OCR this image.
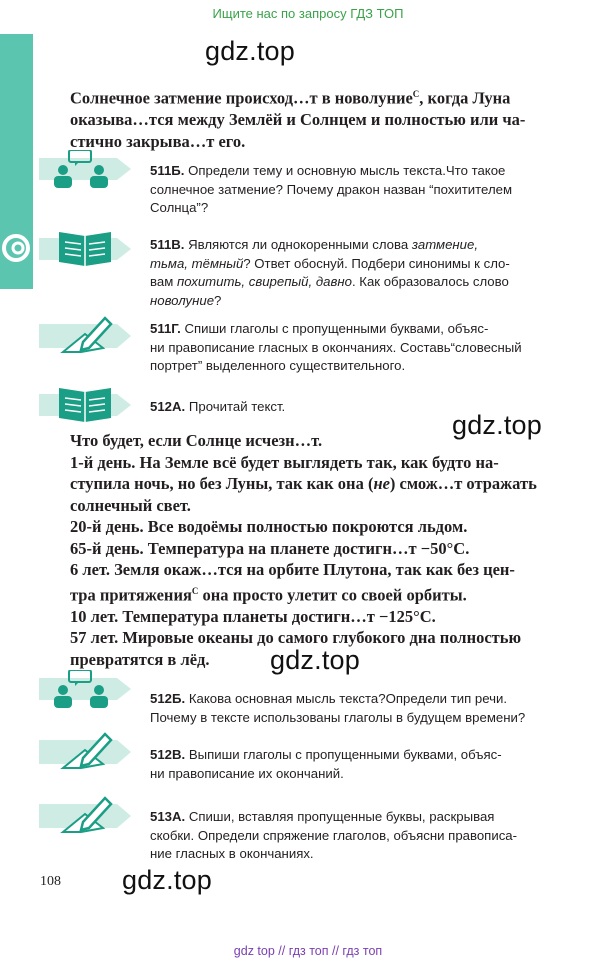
Ищите нас по запросу ГДЗ ТОП
gdz.top
Солнечное затмение происход…т в новолуние$^С$, когда Луна
оказыва…тся между Землёй и Солнцем и полностью или ча-
стично закрыва…т его.
511Б. Определи тему и основную мысль текста.Что такое
солнечное затмение? Почему дракон назван “похитителем
Солнца”?
511В. Являются ли однокоренными слова затмение,
тьма, тёмный? Ответ обоснуй. Подбери синонимы к сло-
вам похитить, свирепый, давно. Как образовалось слово
новолуние?
511Г. Спиши глаголы с пропущенными буквами, объяс-
ни правописание гласных в окончаниях. Составь“словесный
портрет” выделенного существительного.
512А. Прочитай текст.
gdz.top
Что будет, если Солнце исчезн…т.
1-й день. На Земле всё будет выглядеть так, как будто на-
ступила ночь, но без Луны, так как она (не) смож…т отражать
солнечный свет.
20-й день. Все водоёмы полностью покроются льдом.
65-й день. Температура на планете достигн…т −50°С.
6 лет. Земля окаж…тся на орбите Плутона, так как без цен-
тра притяжения$^С$ она просто улетит со своей орбиты.
10 лет. Температура планеты достигн…т −125°С.
57 лет. Мировые океаны до самого глубокого дна полностью
превратятся в лёд.	gdz.top
512Б. Какова основная мысль текста?Определи тип речи.
Почему в тексте использованы глаголы в будущем времени?
512В. Выпиши глаголы с пропущенными буквами, объяс-
ни правописание их окончаний.
513А. Спиши, вставляя пропущенные буквы, раскрывая
скобки. Определи спряжение глаголов, объясни правописа-
ние гласных в окончаниях.
108 gdz.top
gdz top // гдз топ // гдз топ
